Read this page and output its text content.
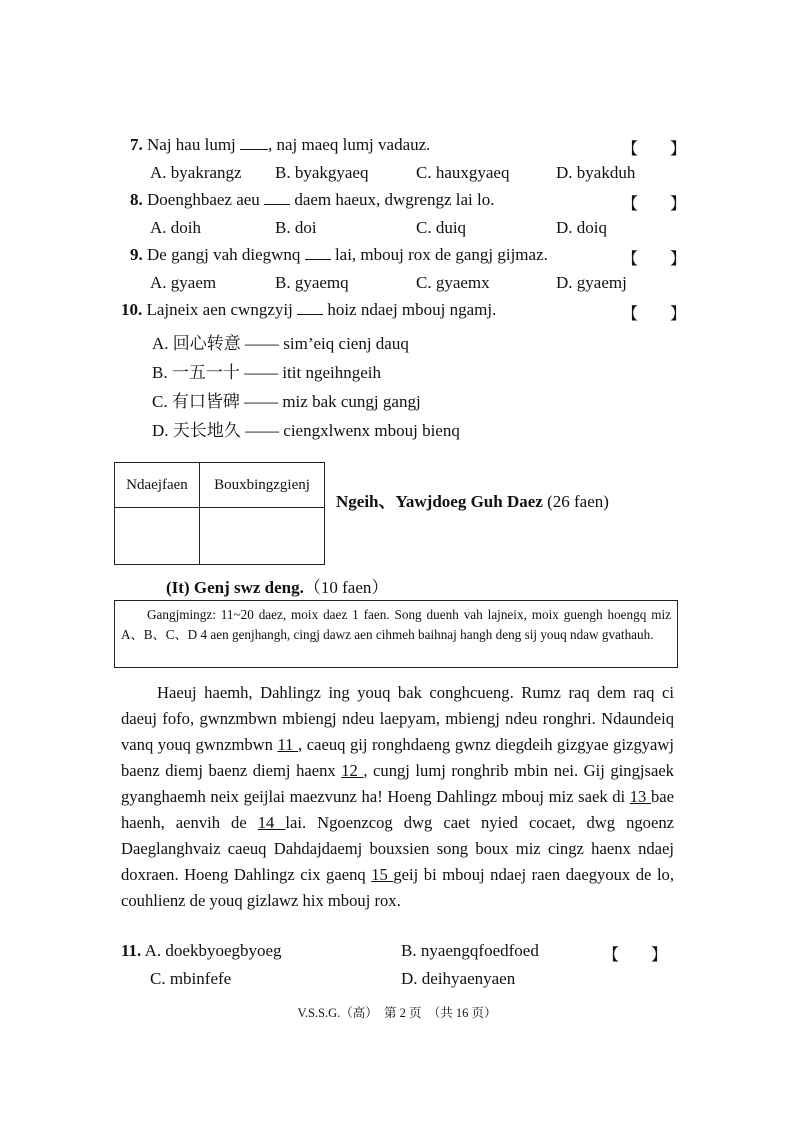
7. Naj hau lumj , naj maeq lumj vadauz.	【　　】
A. byakrangz B. byakgyaeq	C. hauxgyaeq	D. byakduh
8. Doenghbaez aeu  daem haeux, dwgrengz lai lo.	【　　】
A. doih	B. doi	C. duiq	D. doiq
9. De gangj vah diegwnq  lai, mbouj rox de gangj gijmaz.	【　　】
A. gyaem	B. gyaemq	C. gyaemx	D. gyaemj
10. Lajneix aen cwngzyij  hoiz ndaej mbouj ngamj.	【　　】
A. 回心转意 —— sim’eiq cienj dauq
B. 一五一十 —— itit ngeihngeih
C. 有口皆碑 —— miz bak cungj gangj
D. 天长地久 —— ciengxlwenx mbouj bienq
Ndaejfaen	Bouxbingzgienj

Ngeih、Yawjdoeg Guh Daez (26 faen)
(It) Genj swz deng.（10 faen）
Gangjmingz: 11~20 daez, moix daez 1 faen. Song duenh vah lajneix, moix guengh hoengq miz A、B、C、D 4 aen genjhangh, cingj dawz aen cihmeh baihnaj hangh deng sij youq ndaw gvathauh.
Haeuj haemh, Dahlingz ing youq bak conghcueng. Rumz raq dem raq ci daeuj fofo, gwnzmbwn mbiengj ndeu laepyam, mbiengj ndeu ronghri. Ndaundeiq vanq youq gwnzmbwn 11 , caeuq gij ronghdaeng gwnz diegdeih gizgyae gizgyawj baenz diemj baenz diemj haenx 12 , cungj lumj ronghrib mbin nei. Gij gingjsaek gyanghaemh neix geijlai maezvunz ha! Hoeng Dahlingz mbouj miz saek di 13 bae haenh, aenvih de 14 lai. Ngoenzcog dwg caet nyied cocaet, dwg ngoenz Daeglanghvaiz caeuq Dahdajdaemj bouxsien song boux miz cingz haenx ndaej doxraen. Hoeng Dahlingz cix gaenq 15 geij bi mbouj ndaej raen daegyoux de lo, couhlienz de youq gizlawz hix mbouj rox.
11. A. doekbyoegbyoeg	B. nyaengqfoedfoed	【　　】
C. mbinfefe	D. deihyaenyaen
V.S.S.G.（高）　第 2 页　（共 16 页）
